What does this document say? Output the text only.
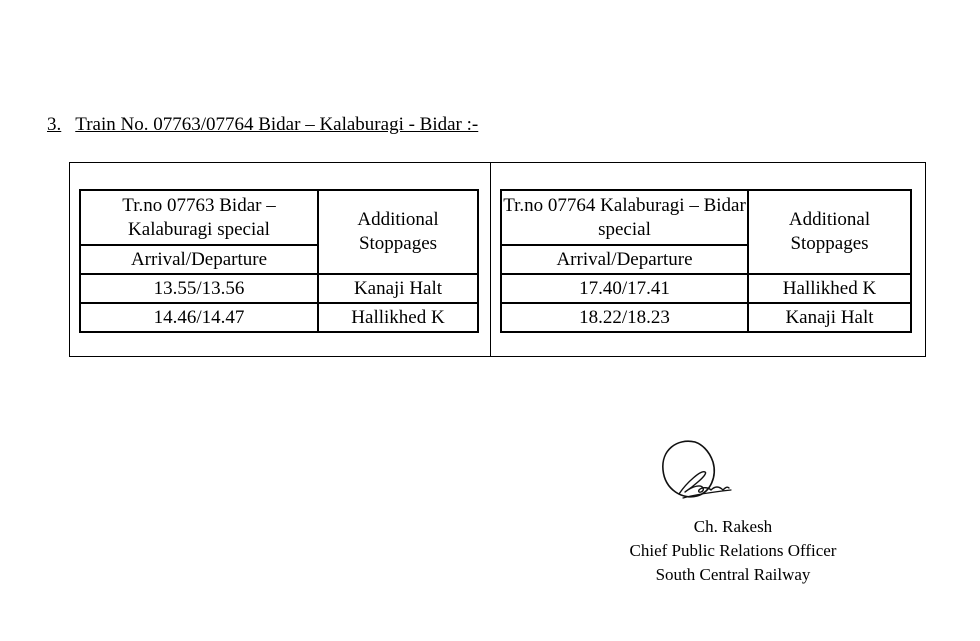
3. Train No. 07763/07764 Bidar – Kalaburagi - Bidar :-
Tr.no 07763 Bidar – Kalaburagi special	Additional Stoppages
Arrival/Departure	
13.55/13.56	Kanaji Halt
14.46/14.47	Hallikhed K
Tr.no 07764 Kalaburagi – Bidar special	Additional Stoppages
Arrival/Departure	
17.40/17.41	Hallikhed K
18.22/18.23	Kanaji Halt
Ch. Rakesh
Chief Public Relations Officer
South Central Railway
